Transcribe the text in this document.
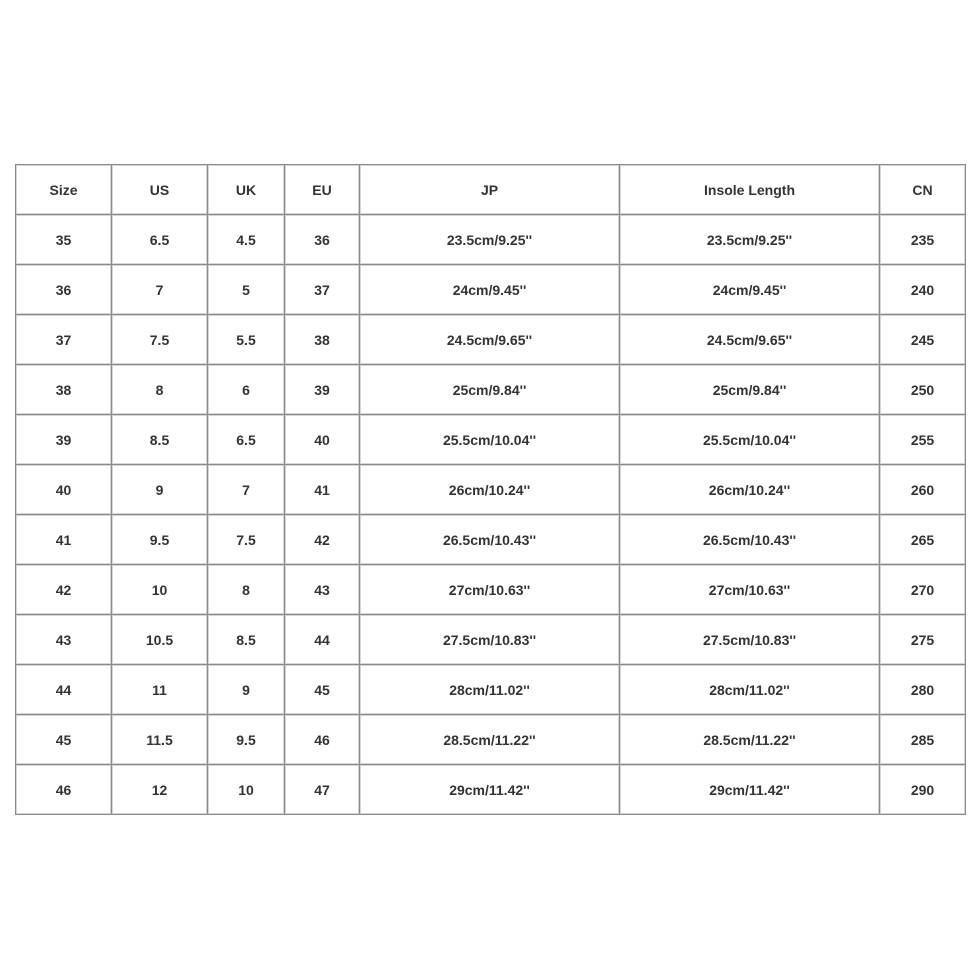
Size	US	UK	EU	JP	Insole Length	CN
35	6.5	4.5	36	23.5cm/9.25''	23.5cm/9.25''	235
36	7	5	37	24cm/9.45''	24cm/9.45''	240
37	7.5	5.5	38	24.5cm/9.65''	24.5cm/9.65''	245
38	8	6	39	25cm/9.84''	25cm/9.84''	250
39	8.5	6.5	40	25.5cm/10.04''	25.5cm/10.04''	255
40	9	7	41	26cm/10.24''	26cm/10.24''	260
41	9.5	7.5	42	26.5cm/10.43''	26.5cm/10.43''	265
42	10	8	43	27cm/10.63''	27cm/10.63''	270
43	10.5	8.5	44	27.5cm/10.83''	27.5cm/10.83''	275
44	11	9	45	28cm/11.02''	28cm/11.02''	280
45	11.5	9.5	46	28.5cm/11.22''	28.5cm/11.22''	285
46	12	10	47	29cm/11.42''	29cm/11.42''	290
